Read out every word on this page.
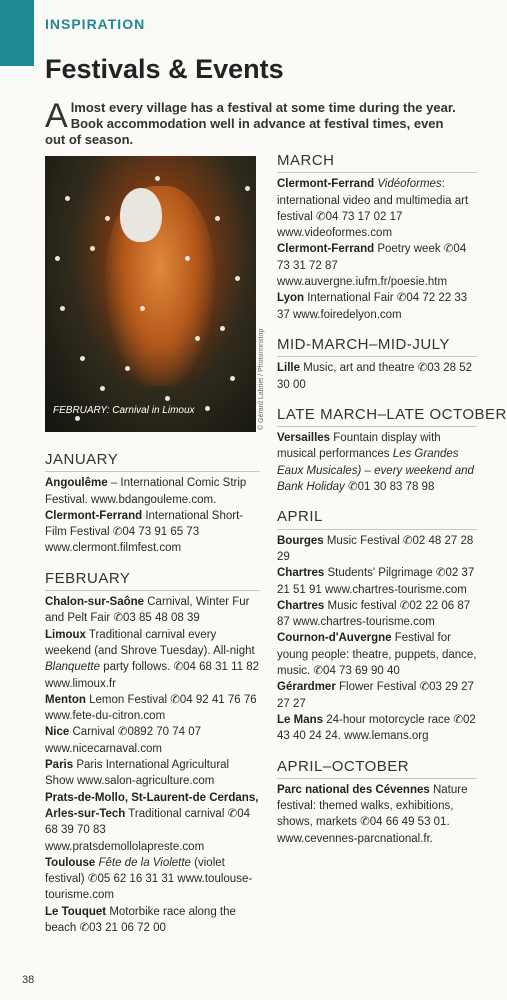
INSPIRATION
Festivals & Events
Almost every village has a festival at some time during the year. Book accommodation well in advance at festival times, even out of season.
FEBRUARY: Carnival in Limoux	© Gérard Labriet / Photononstop
JANUARY

Angoulême – International Comic Strip Festival. www.bdangouleme.com.

Clermont-Ferrand International Short-Film Festival ✆04 73 91 65 73 www.clermont.filmfest.com

FEBRUARY

Chalon-sur-Saône Carnival, Winter Fur and Pelt Fair ✆03 85 48 08 39

Limoux Traditional carnival every weekend (and Shrove Tuesday). All-night Blanquette party follows. ✆04 68 31 11 82 www.limoux.fr

Menton Lemon Festival ✆04 92 41 76 76 www.fete-du-citron.com

Nice Carnival ✆0892 70 74 07 www.nicecarnaval.com

Paris Paris International Agricultural Show www.salon-agriculture.com

Prats-de-Mollo, St-Laurent-de Cerdans, Arles-sur-Tech Traditional carnival ✆04 68 39 70 83 www.pratsdemollolapreste.com

Toulouse Fête de la Violette (violet festival) ✆05 62 16 31 31 www.toulouse-tourisme.com

Le Touquet Motorbike race along the beach ✆03 21 06 72 00

MARCH

Clermont-Ferrand Vidéoformes: international video and multimedia art festival ✆04 73 17 02 17 www.videoformes.com

Clermont-Ferrand Poetry week ✆04 73 31 72 87 www.auvergne.iufm.fr/poesie.htm

Lyon International Fair ✆04 72 22 33 37 www.foiredelyon.com

MID-MARCH–MID-JULY

Lille Music, art and theatre ✆03 28 52 30 00

LATE MARCH–LATE OCTOBER

Versailles Fountain display with musical performances Les Grandes Eaux Musicales) – every weekend and Bank Holiday ✆01 30 83 78 98

APRIL

Bourges Music Festival ✆02 48 27 28 29

Chartres Students' Pilgrimage ✆02 37 21 51 91 www.chartres-tourisme.com

Chartres Music festival ✆02 22 06 87 87 www.chartres-tourisme.com

Cournon-d'Auvergne Festival for young people: theatre, puppets, dance, music. ✆04 73 69 90 40

Gérardmer Flower Festival ✆03 29 27 27 27

Le Mans 24-hour motorcycle race ✆02 43 40 24 24. www.lemans.org

APRIL–OCTOBER

Parc national des Cévennes Nature festival: themed walks, exhibitions, shows, markets ✆04 66 49 53 01. www.cevennes-parcnational.fr.

38
